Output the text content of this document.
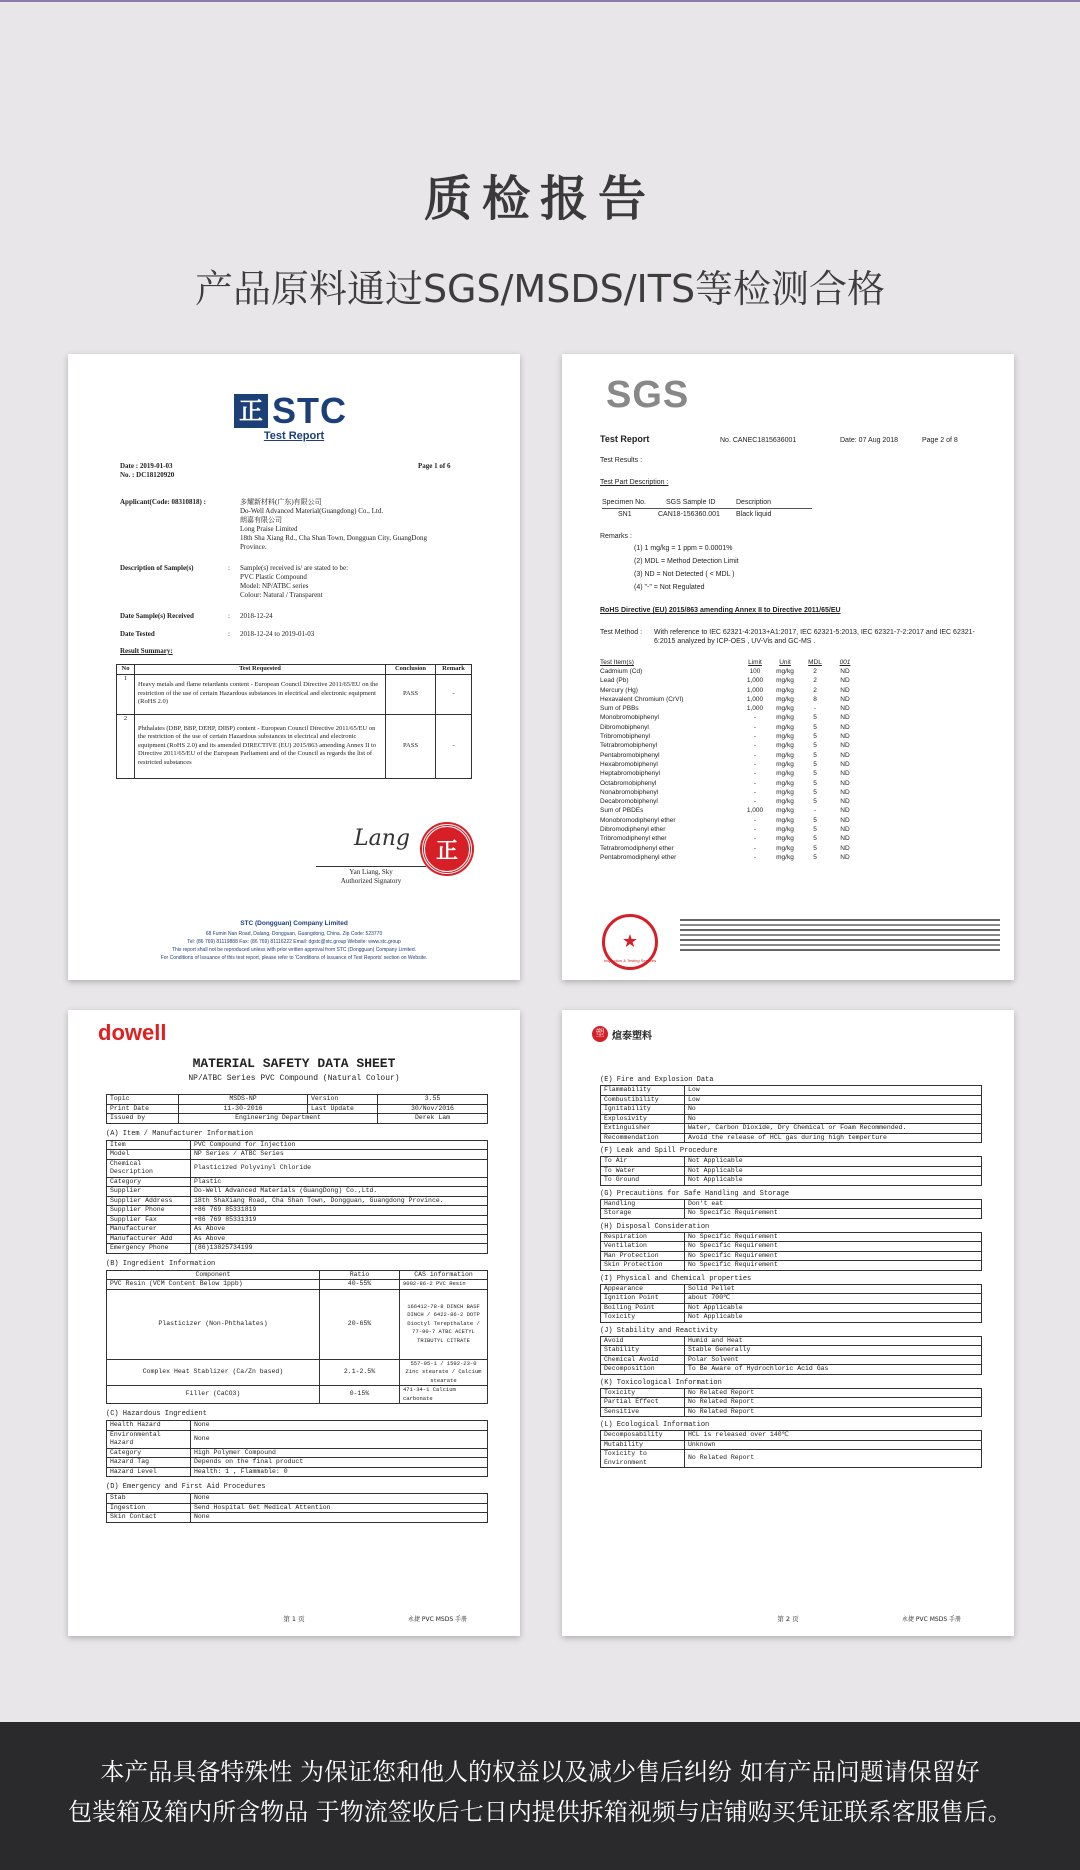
质检报告
产品原料通过SGS/MSDS/ITS等检测合格
正 STC
Test Report
Date : 2019-01-03
No. : DC18120920
Page 1 of 6
Applicant(Code: 08310818) :	多耀新材料(广东)有限公司
Do-Well Advanced Material(Guangdong) Co., Ltd.
朗嘉有限公司
Long Praise Limited
18th Sha Xiang Rd., Cha Shan Town, Dongguan City, GuangDong
Province.
Description of Sample(s)	: Sample(s) received is/ are stated to be:
PVC Plastic Compound
Model: NP/ATBC series
Colour: Natural / Transparent
Date Sample(s) Received	: 2018-12-24
Date Tested	: 2018-12-24 to 2019-01-03
Result Summary:
No	Test Requested	Conclusion	Remark
1	Heavy metals and flame retardants content - European Council Directive 2011/65/EU on the restriction of the use of certain Hazardous substances in electrical and electronic equipment (RoHS 2.0)	PASS	-
2	Phthalates (DBP, BBP, DEHP, DIBP) content - European Council Directive 2011/65/EU on the restriction of the use of certain Hazardous substances in electrical and electronic equipment (RoHS 2.0) and its amended DIRECTIVE (EU) 2015/863 amending Annex II to Directive 2011/65/EU of the European Parliament and of the Council as regards the list of restricted substances	PASS	-
Lang
Yan Liang, Sky
Authorized Signatory
正
STC (Dongguan) Company Limited
68 Fumin Nan Road, Dalang, Dongguan, Guangdong, China. Zip Code: 523770
Tel: (86 769) 81119888 Fax: (86 769) 81116222 Email: dgstc@stc.group Website: www.stc.group
This report shall not be reproduced unless with prior written approval from STC (Dongguan) Company Limited.
For Conditions of Issuance of this test report, please refer to 'Conditions of Issuance of Test Reports' section on Website.
SGS
Test Report	No. CANEC1815636001	Date: 07 Aug 2018	Page 2 of 8
Test Results :
Test Part Description :
Specimen No.	SGS Sample ID	Description
SN1	CAN18-156360.001 Black liquid
Remarks :
(1) 1 mg/kg = 1 ppm = 0.0001%
(2) MDL = Method Detection Limit
(3) ND = Not Detected ( < MDL )
(4) "-" = Not Regulated
RoHS Directive (EU) 2015/863 amending Annex II to Directive 2011/65/EU
Test Method : With reference to IEC 62321-4:2013+A1:2017, IEC 62321-5:2013, IEC 62321-7-2:2017 and IEC 62321-6:2015 analyzed by ICP-OES , UV-Vis and GC-MS .
Test Item(s)	Limit	Unit	MDL	001
Cadmium (Cd)	100	mg/kg	2	ND
Lead (Pb)	1,000	mg/kg	2	ND
Mercury (Hg)	1,000	mg/kg	2	ND
Hexavalent Chromium (CrVI)	1,000	mg/kg	8	ND
Sum of PBBs	1,000	mg/kg	-	ND
Monobromobiphenyl	-	mg/kg	5	ND
Dibromobiphenyl	-	mg/kg	5	ND
Tribromobiphenyl	-	mg/kg	5	ND
Tetrabromobiphenyl	-	mg/kg	5	ND
Pentabromobiphenyl	-	mg/kg	5	ND
Hexabromobiphenyl	-	mg/kg	5	ND
Heptabromobiphenyl	-	mg/kg	5	ND
Octabromobiphenyl	-	mg/kg	5	ND
Nonabromobiphenyl	-	mg/kg	5	ND
Decabromobiphenyl	-	mg/kg	5	ND
Sum of PBDEs	1,000	mg/kg	-	ND
Monobromodiphenyl ether	-	mg/kg	5	ND
Dibromodiphenyl ether	-	mg/kg	5	ND
Tribromodiphenyl ether	-	mg/kg	5	ND
Tetrabromodiphenyl ether	-	mg/kg	5	ND
Pentabromodiphenyl ether	-	mg/kg	5	ND
★
Inspection & Testing Services
dowell
MATERIAL SAFETY DATA SHEET
NP/ATBC Series PVC Compound (Natural Colour)
Topic	MSDS-NP	Version	3.55
Print Date	11-30-2016	Last Update	30/Nov/2016
Issued by	Engineering Department		Derek Lam
(A) Item / Manufacturer Information
Item	PVC Compound for Injection
Model	NP Series / ATBC Series
Chemical Description	Plasticized Polyvinyl Chloride
Category	Plastic
Supplier	Do-Well Advanced Materials (GuangDong) Co.,Ltd.
Supplier Address	18th ShaXiang Road, Cha Shan Town, Dongguan, Guangdong Province.
Supplier Phone	+86 769 85331819
Supplier Fax	+86 769 85331319
Manufacturer	As Above
Manufacturer Add	As Above
Emergency Phone	(86)13825734199
(B) Ingredient Information
Component	Ratio	CAS information
PVC Resin (VCM Content Below 1ppb)	40-55%	9002-86-2 PVC Resin
Plasticizer (Non-Phthalates)	20-65%	166412-78-8 DINCH BASF DINCH / 6422-86-2 DOTP Dioctyl Terepthalate / 77-90-7 ATBC ACETYL TRIBUTYL CITRATE
Complex Heat Stablizer (Ca/Zn based)	2.1-2.5%	557-05-1 / 1592-23-0 Zinc stearate / Calcium stearate
Filler (CaCO3)	0-15%	471-34-1 Calcium carbonate
(C) Hazardous Ingredient
Health Hazard	None
Environmental Hazard	None
Category	High Polymer Compound
Hazard Tag	Depends on the final product
Hazard Level	Health: 1 , Flammable: 0
(D) Emergency and First Aid Procedures
Stab	None
Ingestion	Send Hospital Get Medical Attention
Skin Contact	None
第 1 页	永捷 PVC MSDS 手册
塑 煊泰塑料
(E) Fire and Explosion Data
Flammability	Low
Combustibility	Low
Ignitability	No
Explosivity	No
Extinguisher	Water, Carbon Dioxide, Dry Chemical or Foam Recommended.
Recommendation	Avoid the release of HCL gas during high temperture
(F) Leak and Spill Procedure
To Air	Not Applicable
To Water	Not Applicable
To Ground	Not Applicable
(G) Precautions for Safe Handling and Storage
Handling	Don't eat
Storage	No Specific Requirement
(H) Disposal Consideration
Respiration	No Specific Requirement
Ventilation	No Specific Requirement
Man Protection	No Specific Requirement
Skin Protection	No Specific Requirement
(I) Physical and Chemical properties
Appearance	Solid Pellet
Ignition Point	about 700℃
Boiling Point	Not Applicable
Toxicity	Not Applicable
(J) Stability and Reactivity
Avoid	Humid and Heat
Stability	Stable Generally
Chemical Avoid	Polar Solvent
Decomposition	To Be Aware of Hydrochloric Acid Gas
(K) Toxicological Information
Toxicity	No Related Report
Partial Effect	No Related Report
Sensitive	No Related Report
(L) Ecological Information
Decomposability	HCL is released over 140℃
Mutability	Unknown
Toxicity to Environment	No Related Report
第 2 页	永捷 PVC MSDS 手册

本产品具备特殊性 为保证您和他人的权益以及减少售后纠纷 如有产品问题请保留好

包装箱及箱内所含物品 于物流签收后七日内提供拆箱视频与店铺购买凭证联系客服售后。
